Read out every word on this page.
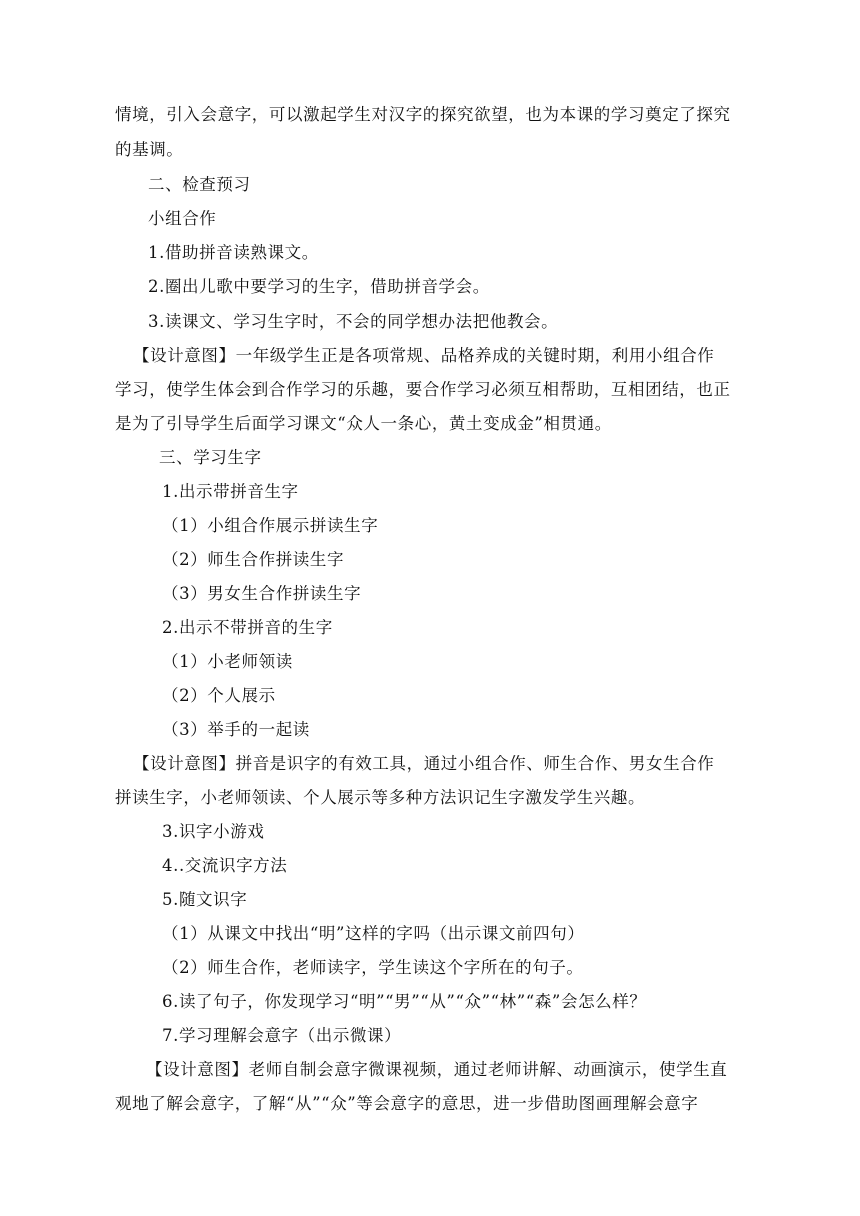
情境，引入会意字，可以激起学生对汉字的探究欲望，也为本课的学习奠定了探究
的基调。
二、检查预习
小组合作
1.借助拼音读熟课文。
2.圈出儿歌中要学习的生字，借助拼音学会。
3.读课文、学习生字时，不会的同学想办法把他教会。
【设计意图】一年级学生正是各项常规、品格养成的关键时期，利用小组合作
学习，使学生体会到合作学习的乐趣，要合作学习必须互相帮助，互相团结，也正
是为了引导学生后面学习课文“众人一条心，黄土变成金”相贯通。
三、学习生字
1.出示带拼音生字
（1）小组合作展示拼读生字
（2）师生合作拼读生字
（3）男女生合作拼读生字
2.出示不带拼音的生字
（1）小老师领读
（2）个人展示
（3）举手的一起读
【设计意图】拼音是识字的有效工具，通过小组合作、师生合作、男女生合作
拼读生字，小老师领读、个人展示等多种方法识记生字激发学生兴趣。
3.识字小游戏
4..交流识字方法
5.随文识字
（1）从课文中找出“明”这样的字吗（出示课文前四句）
（2）师生合作，老师读字，学生读这个字所在的句子。
6.读了句子，你发现学习“明”“男”“从”“众”“林”“森”会怎么样？
7.学习理解会意字（出示微课）
【设计意图】老师自制会意字微课视频，通过老师讲解、动画演示，使学生直
观地了解会意字，了解“从”“众”等会意字的意思，进一步借助图画理解会意字
